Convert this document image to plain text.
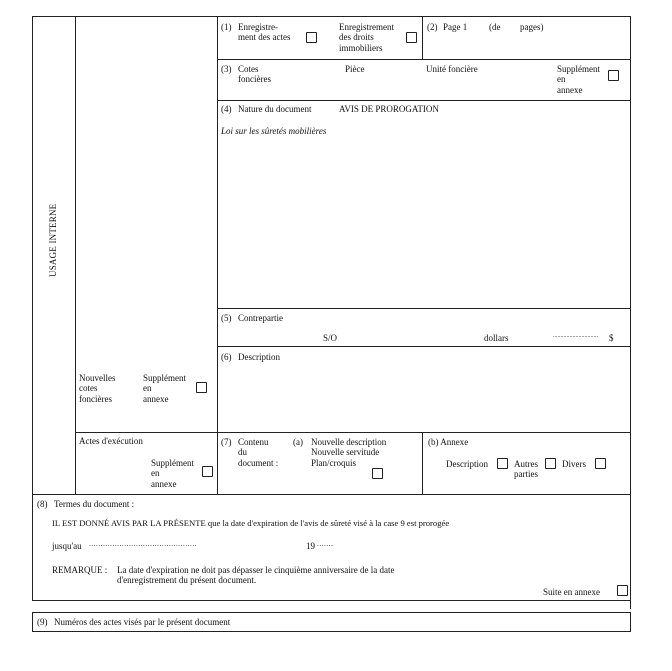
USAGE INTERNE
(1) Enregistre-
ment des actes
Enregistrement
des droits
immobiliers
(2) Page 1 (de pages)
(3) Cotes
foncières
Pièce	Unité foncière	Supplément
en
annexe
(4) Nature du document	AVIS DE PROROGATION
Loi sur les sûretés mobilières
(5) Contrepartie
S/O	dollars	.............................. $
(6) Description
Nouvelles
cotes
foncières
Supplément
en
annexe
Actes d'exécution
Supplément
en
annexe
(7) Contenu
du
document :
(a) Nouvelle description
Nouvelle servitude
Plan/croquis
(b) Annexe
Description	Autres
parties
Divers
(8) Termes du document :
IL EST DONNÉ AVIS PAR LA PRÉSENTE que la date d'expiration de l'avis de sûreté visé à la case 9 est prorogée
jusqu'au ..............................................	19 .......
REMARQUE : La date d'expiration ne doit pas dépasser le cinquième anniversaire de la date
d'enregistrement du présent document.
Suite en annexe
(9) Numéros des actes visés par le présent document
